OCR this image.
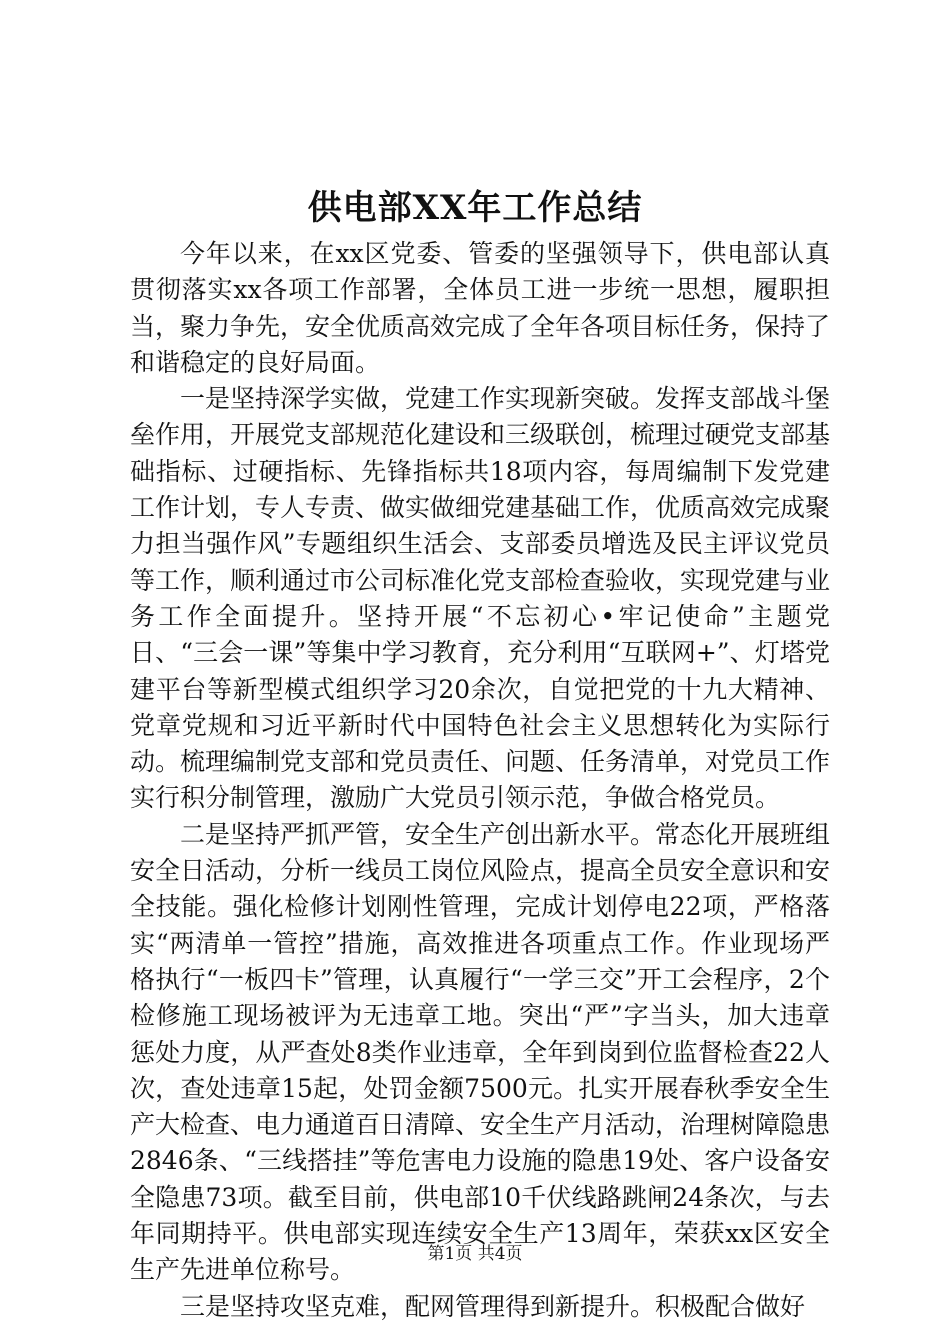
供电部XX年工作总结

今年以来，在xx区党委、管委的坚强领导下，供电部认真贯彻落实xx各项工作部署，全体员工进一步统一思想，履职担当，聚力争先，安全优质高效完成了全年各项目标任务，保持了和谐稳定的良好局面。

一是坚持深学实做，党建工作实现新突破。发挥支部战斗堡垒作用，开展党支部规范化建设和三级联创，梳理过硬党支部基础指标、过硬指标、先锋指标共18项内容，每周编制下发党建工作计划，专人专责、做实做细党建基础工作，优质高效完成聚力担当强作风”专题组织生活会、支部委员增选及民主评议党员等工作，顺利通过市公司标准化党支部检查验收，实现党建与业务工作全面提升。坚持开展“不忘初心•牢记使命”主题党日、“三会一课”等集中学习教育，充分利用“互联网+”、灯塔党建平台等新型模式组织学习20余次，自觉把党的十九大精神、党章党规和习近平新时代中国特色社会主义思想转化为实际行动。梳理编制党支部和党员责任、问题、任务清单，对党员工作实行积分制管理，激励广大党员引领示范，争做合格党员。

二是坚持严抓严管，安全生产创出新水平。常态化开展班组安全日活动，分析一线员工岗位风险点，提高全员安全意识和安全技能。强化检修计划刚性管理，完成计划停电22项，严格落实“两清单一管控”措施，高效推进各项重点工作。作业现场严格执行“一板四卡”管理，认真履行“一学三交”开工会程序，2个检修施工现场被评为无违章工地。突出“严”字当头，加大违章惩处力度，从严查处8类作业违章，全年到岗到位监督检查22人次，查处违章15起，处罚金额7500元。扎实开展春秋季安全生产大检查、电力通道百日清障、安全生产月活动，治理树障隐患2846条、“三线搭挂”等危害电力设施的隐患19处、客户设备安全隐患73项。截至目前，供电部10千伏线路跳闸24条次，与去年同期持平。供电部实现连续安全生产13周年，荣获xx区安全生产先进单位称号。

三是坚持攻坚克难，配网管理得到新提升。积极配合做好

第1页 共4页
